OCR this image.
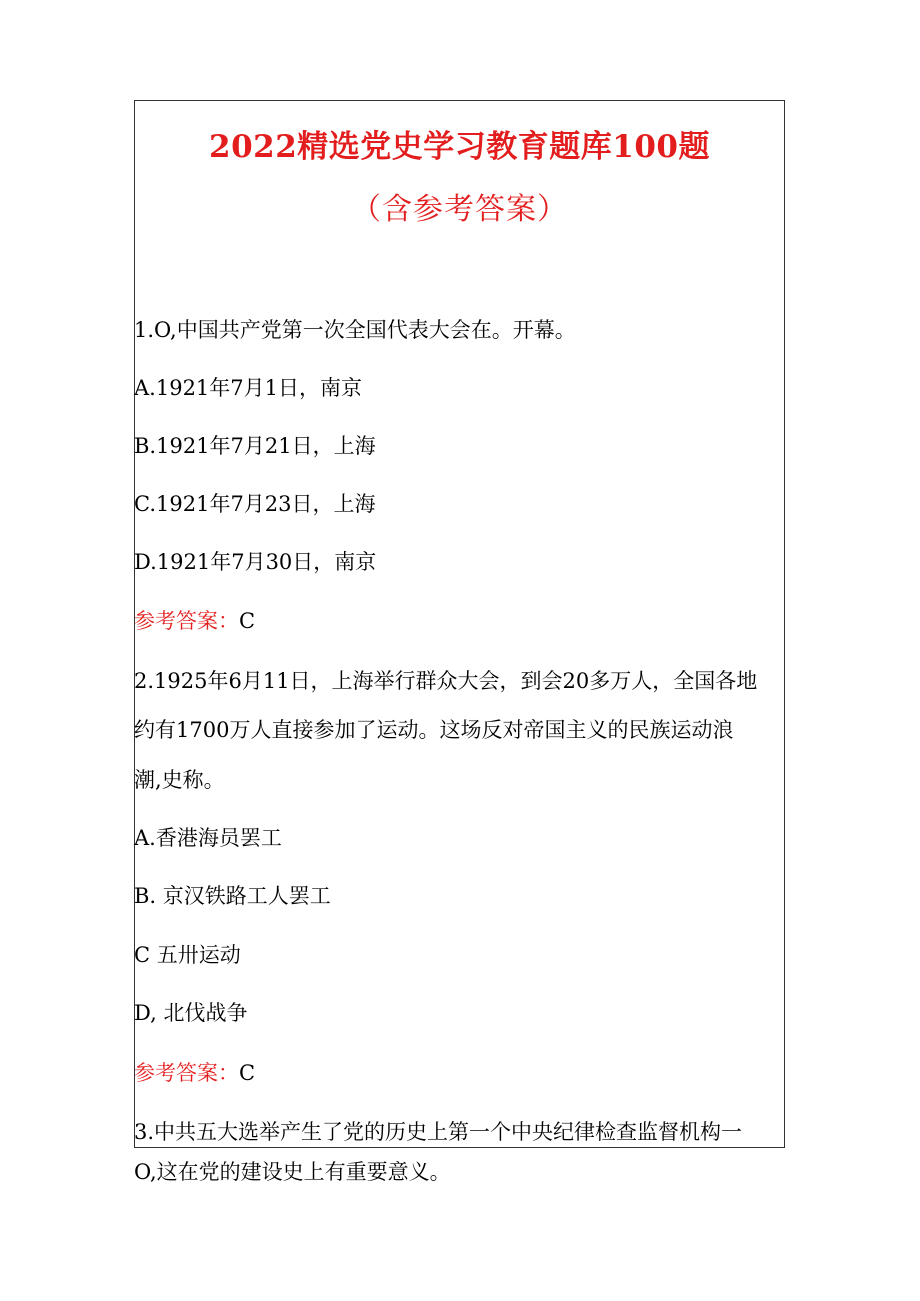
2022精选党史学习教育题库100题
（含参考答案）
1.O,中国共产党第一次全国代表大会在。开幕。
A.1921年7月1日，南京
B.1921年7月21日，上海
C.1921年7月23日，上海
D.1921年7月30日，南京
参考答案：C
2.1925年6月11日，上海举行群众大会，到会20多万人，全国各地
约有1700万人直接参加了运动。这场反对帝国主义的民族运动浪
潮,史称。
A.香港海员罢工
B. 京汉铁路工人罢工
C 五卅运动
D, 北伐战争
参考答案：C
3.中共五大选举产生了党的历史上第一个中央纪律检查监督机构一
O,这在党的建设史上有重要意义。
